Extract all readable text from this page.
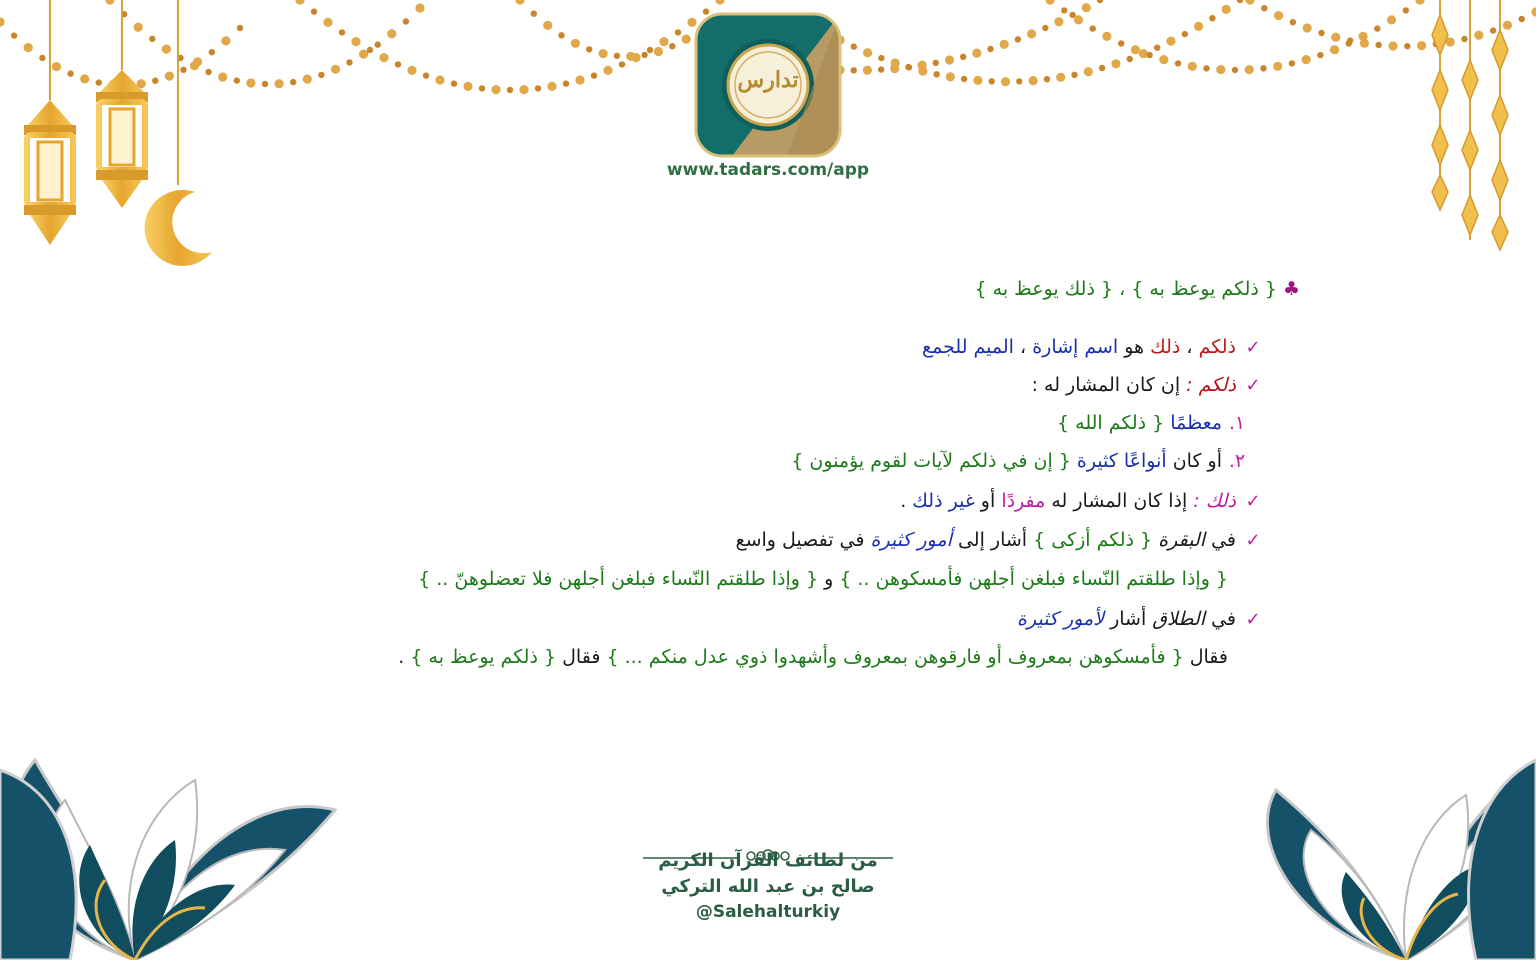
تدارس
www.tadars.com/app
♣{ ذلكم يوعظ به } ، { ذلك يوعظ به }
✓ذلكم ، ذلك هو اسم إشارة ، الميم للجمع
✓ذلكم : إن كان المشار له :
١.معظمًا { ذلكم الله }
٢.أو كان أنواعًا كثيرة { إن في ذلكم لآيات لقوم يؤمنون }
✓ذلك : إذا كان المشار له مفردًا أو غير ذلك .
✓في البقرة { ذلكم أزكى } أشار إلى أمور كثيرة في تفصيل واسع
{ وإذا طلقتم النّساء فبلغن أجلهن فأمسكوهن .. } و { وإذا طلقتم النّساء فبلغن أجلهن فلا تعضلوهنّ .. }
✓في الطلاق أشار لأمور كثيرة
فقال { فأمسكوهن بمعروف أو فارقوهن بمعروف وأشهدوا ذوي عدل منكم ... } فقال { ذلكم يوعظ به } .
من لطائف القرآن الكريم
صالح بن عبد الله التركي
@Salehalturkiy
